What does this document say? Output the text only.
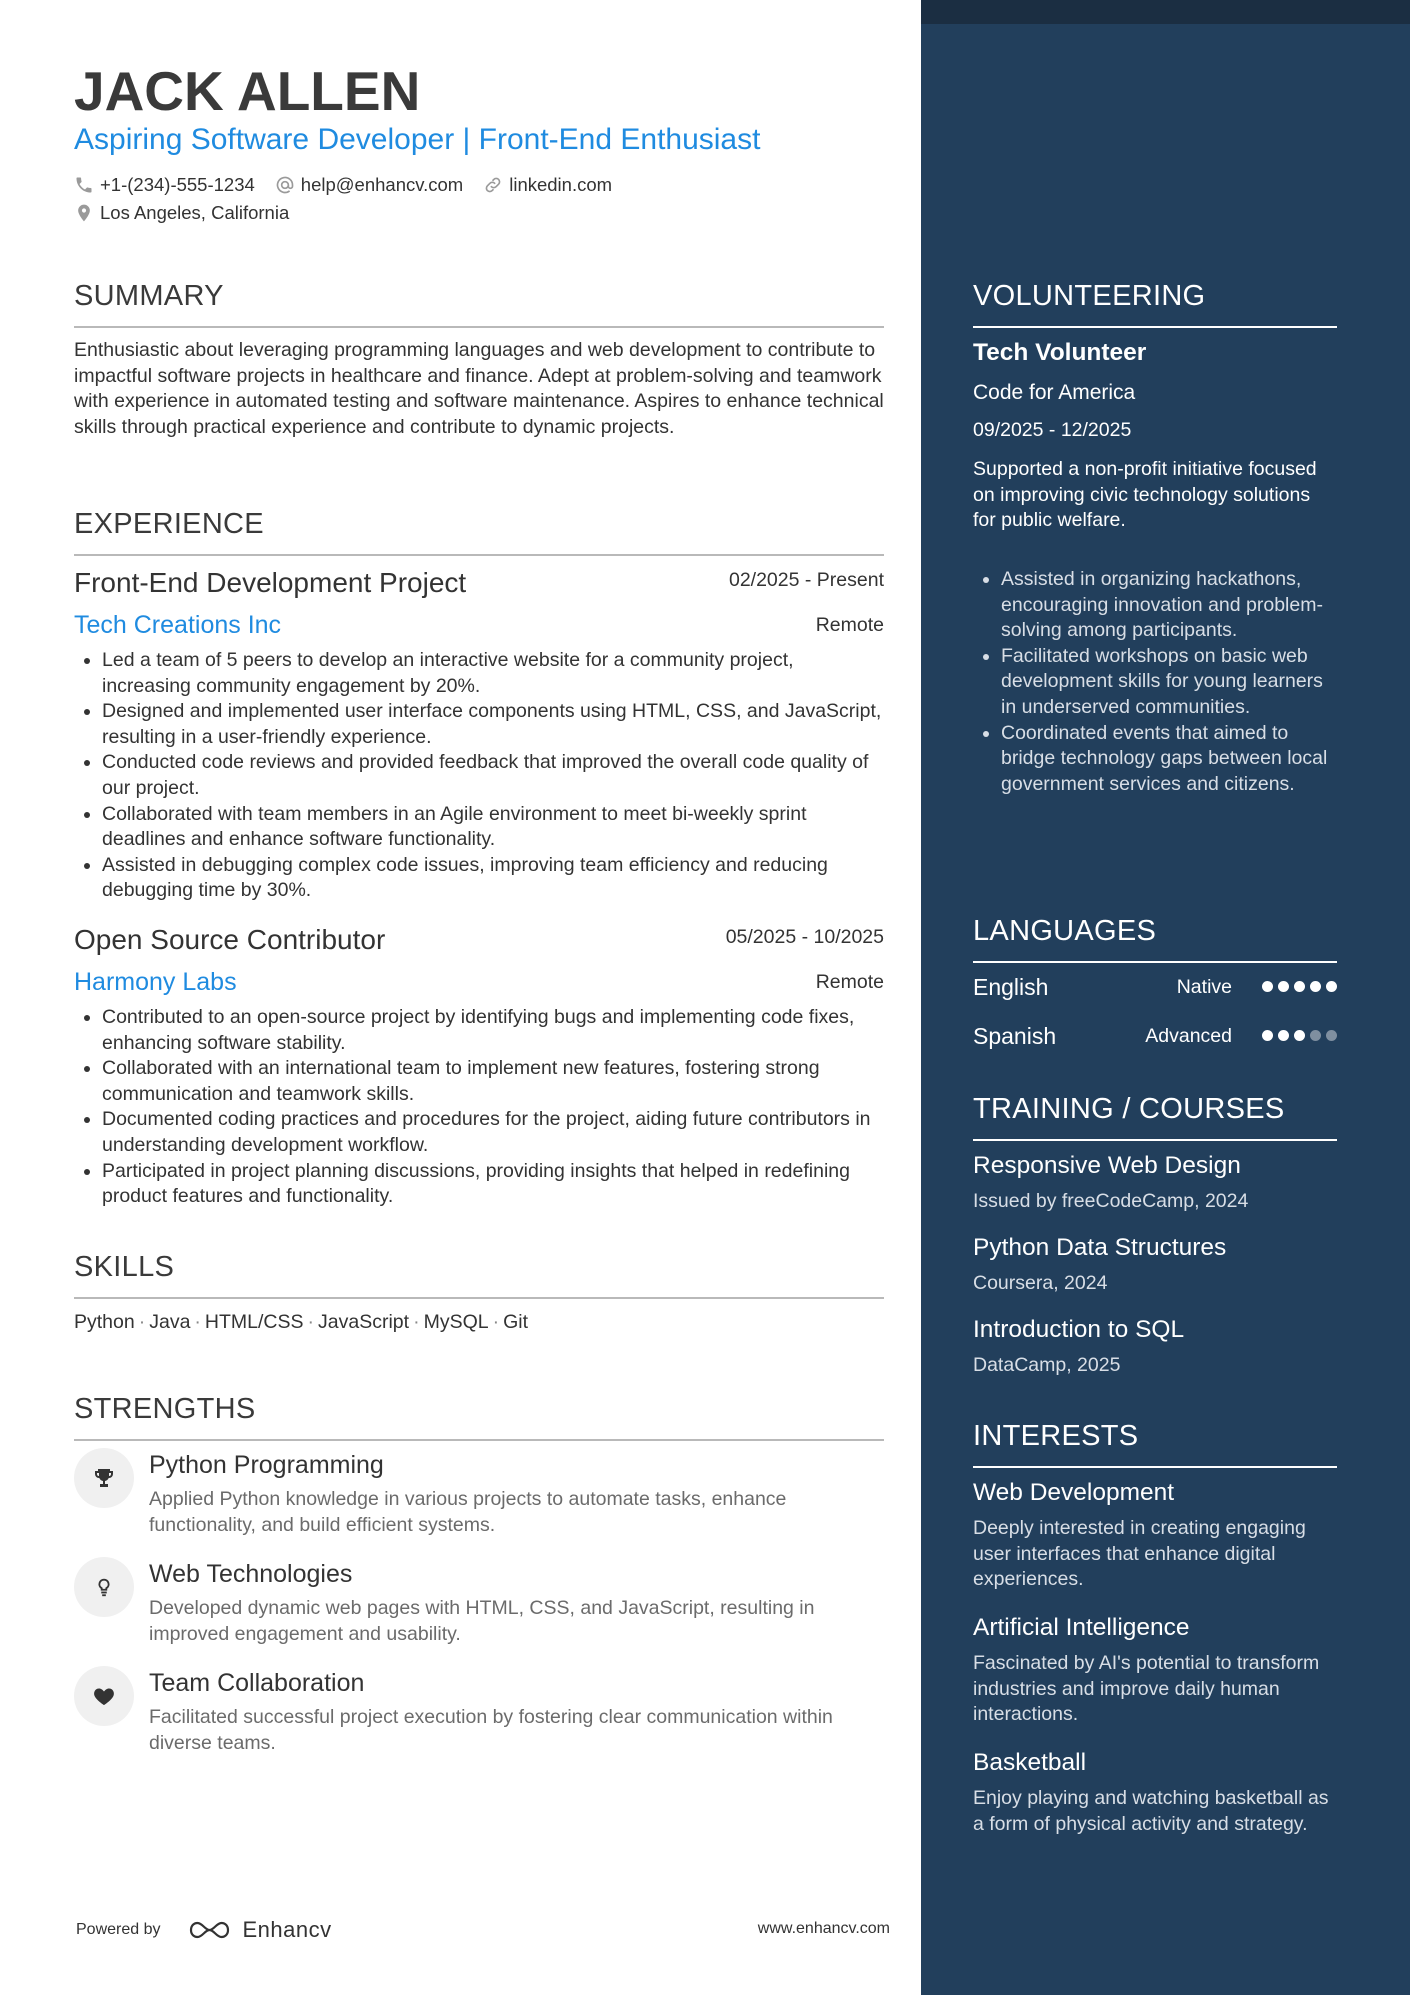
JACK ALLEN
Aspiring Software Developer | Front-End Enthusiast
+1-(234)-555-1234 help@enhancv.com linkedin.com
Los Angeles, California
SUMMARY
Enthusiastic about leveraging programming languages and web development to contribute to impactful software projects in healthcare and finance. Adept at problem-solving and teamwork with experience in automated testing and software maintenance. Aspires to enhance technical skills through practical experience and contribute to dynamic projects.
EXPERIENCE
Front-End Development Project	02/2025 - Present
Tech Creations Inc	Remote
Led a team of 5 peers to develop an interactive website for a community project, increasing community engagement by 20%.
Designed and implemented user interface components using HTML, CSS, and JavaScript, resulting in a user-friendly experience.
Conducted code reviews and provided feedback that improved the overall code quality of our project.
Collaborated with team members in an Agile environment to meet bi-weekly sprint deadlines and enhance software functionality.
Assisted in debugging complex code issues, improving team efficiency and reducing debugging time by 30%.
Open Source Contributor	05/2025 - 10/2025
Harmony Labs	Remote
Contributed to an open-source project by identifying bugs and implementing code fixes, enhancing software stability.
Collaborated with an international team to implement new features, fostering strong communication and teamwork skills.
Documented coding practices and procedures for the project, aiding future contributors in understanding development workflow.
Participated in project planning discussions, providing insights that helped in redefining product features and functionality.
SKILLS
Python · Java · HTML/CSS · JavaScript · MySQL · Git
STRENGTHS
Python Programming
Applied Python knowledge in various projects to automate tasks, enhance functionality, and build efficient systems.
Web Technologies
Developed dynamic web pages with HTML, CSS, and JavaScript, resulting in improved engagement and usability.
Team Collaboration
Facilitated successful project execution by fostering clear communication within diverse teams.
Powered by	Enhancv	www.enhancv.com
VOLUNTEERING
Tech Volunteer
Code for America
09/2025 - 12/2025
Supported a non-profit initiative focused on improving civic technology solutions for public welfare.
Assisted in organizing hackathons, encouraging innovation and problem-solving among participants.
Facilitated workshops on basic web development skills for young learners in underserved communities.
Coordinated events that aimed to bridge technology gaps between local government services and citizens.
LANGUAGES
English	Native
Spanish	Advanced
TRAINING / COURSES
Responsive Web Design
Issued by freeCodeCamp, 2024
Python Data Structures
Coursera, 2024
Introduction to SQL
DataCamp, 2025
INTERESTS
Web Development
Deeply interested in creating engaging user interfaces that enhance digital experiences.
Artificial Intelligence
Fascinated by AI's potential to transform industries and improve daily human interactions.
Basketball
Enjoy playing and watching basketball as a form of physical activity and strategy.
